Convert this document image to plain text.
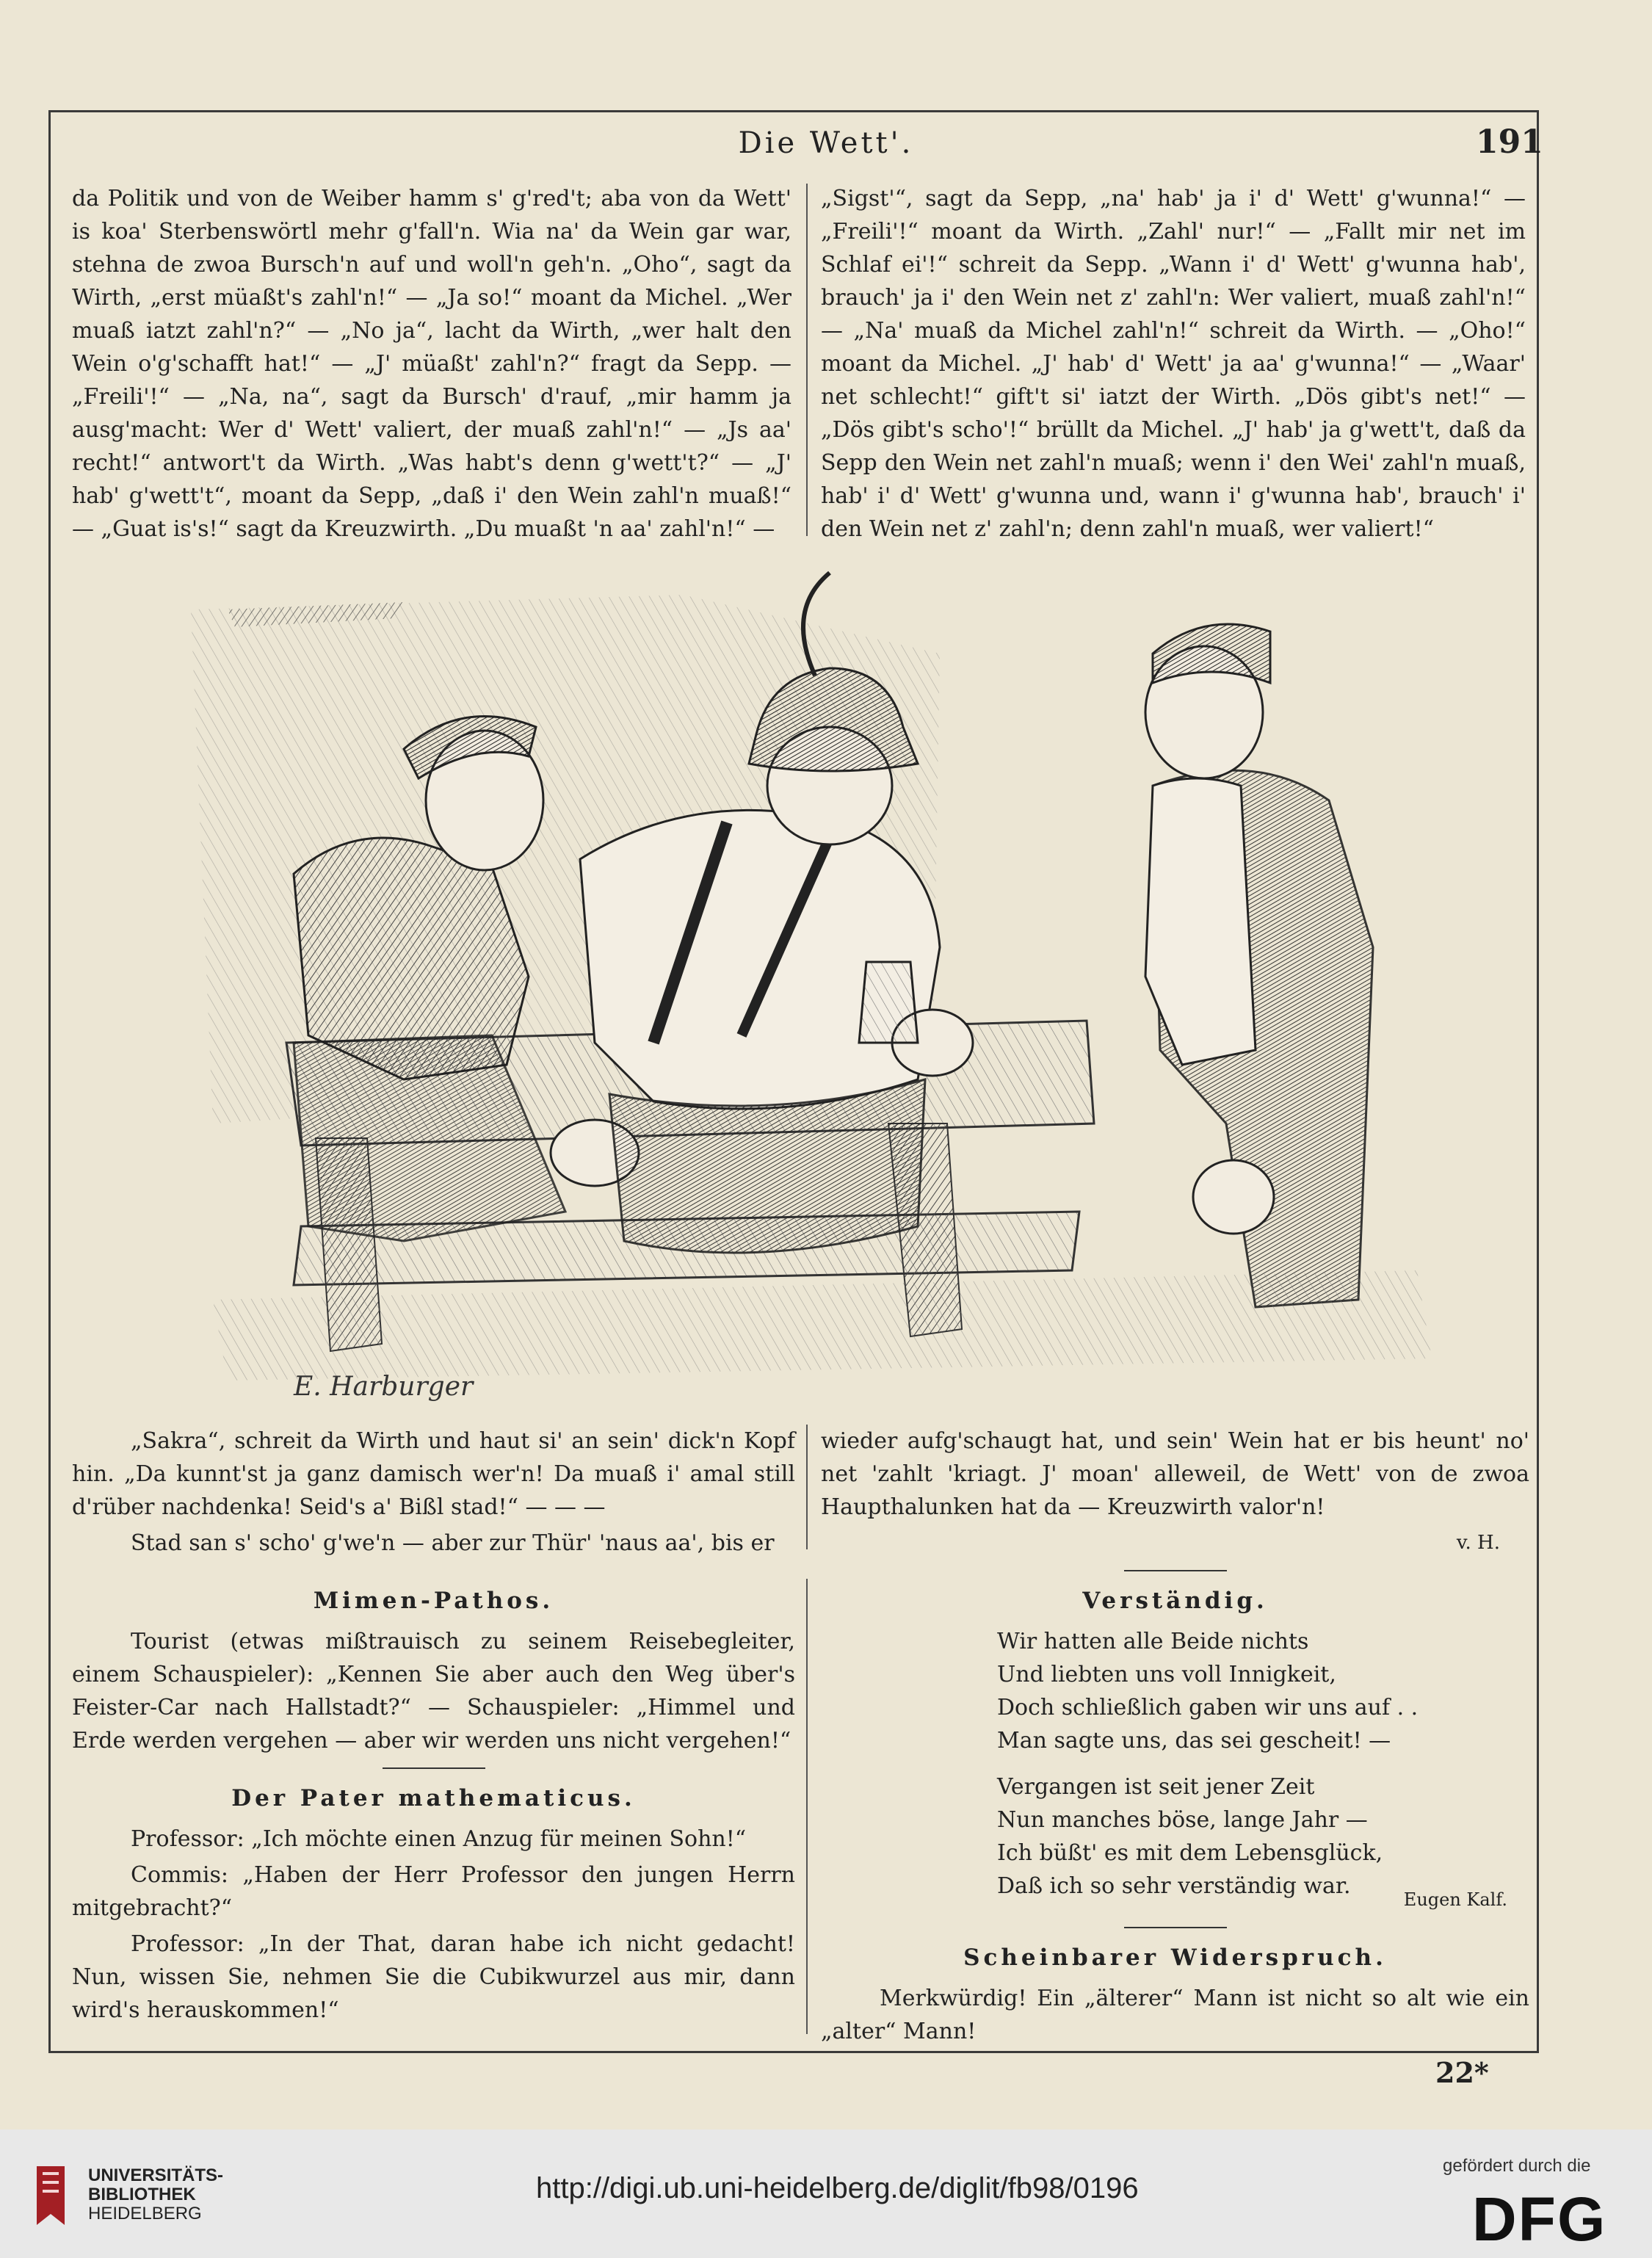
Die Wett'.	191

da Politik und von de Weiber hamm s' g'red't; aba von da Wett' is koa' Sterbenswörtl mehr g'fall'n. Wia na' da Wein gar war, stehna de zwoa Bursch'n auf und woll'n geh'n. „Oho“, sagt da Wirth, „erst müaßt's zahl'n!“ — „Ja so!“ moant da Michel. „Wer muaß iatzt zahl'n?“ — „No ja“, lacht da Wirth, „wer halt den Wein o'g'schafft hat!“ — „J' müaßt' zahl'n?“ fragt da Sepp. — „Freili'!“ — „Na, na“, sagt da Bursch' d'rauf, „mir hamm ja ausg'macht: Wer d' Wett' valiert, der muaß zahl'n!“ — „Js aa' recht!“ antwort't da Wirth. „Was habt's denn g'wett't?“ — „J' hab' g'wett't“, moant da Sepp, „daß i' den Wein zahl'n muaß!“ — „Guat is's!“ sagt da Kreuzwirth. „Du muaßt 'n aa' zahl'n!“ —

„Sigst'“, sagt da Sepp, „na' hab' ja i' d' Wett' g'wunna!“ — „Freili'!“ moant da Wirth. „Zahl' nur!“ — „Fallt mir net im Schlaf ei'!“ schreit da Sepp. „Wann i' d' Wett' g'wunna hab', brauch' ja i' den Wein net z' zahl'n: Wer valiert, muaß zahl'n!“ — „Na' muaß da Michel zahl'n!“ schreit da Wirth. — „Oho!“ moant da Michel. „J' hab' d' Wett' ja aa' g'wunna!“ — „Waar' net schlecht!“ gift't si' iatzt der Wirth. „Dös gibt's net!“ — „Dös gibt's scho'!“ brüllt da Michel. „J' hab' ja g'wett't, daß da Sepp den Wein net zahl'n muaß; wenn i' den Wei' zahl'n muaß, hab' i' d' Wett' g'wunna und, wann i' g'wunna hab', brauch' i' den Wein net z' zahl'n; denn zahl'n muaß, wer valiert!“

E. Harburger

„Sakra“, schreit da Wirth und haut si' an sein' dick'n Kopf hin. „Da kunnt'st ja ganz damisch wer'n! Da muaß i' amal still d'rüber nachdenka! Seid's a' Bißl stad!“ — — —

Stad san s' scho' g'we'n — aber zur Thür' 'naus aa', bis er

wieder aufg'schaugt hat, und sein' Wein hat er bis heunt' no' net 'zahlt 'kriagt. J' moan' alleweil, de Wett' von de zwoa Haupthalunken hat da — Kreuzwirth valor'n!

v. H.
Mimen-Pathos.

Tourist (etwas mißtrauisch zu seinem Reisebegleiter, einem Schauspieler): „Kennen Sie aber auch den Weg über's Feister-Car nach Hallstadt?“ — Schauspieler: „Himmel und Erde werden vergehen — aber wir werden uns nicht vergehen!“

Der Pater mathematicus.

Professor: „Ich möchte einen Anzug für meinen Sohn!“

Commis: „Haben der Herr Professor den jungen Herrn mitgebracht?“

Professor: „In der That, daran habe ich nicht gedacht! Nun, wissen Sie, nehmen Sie die Cubikwurzel aus mir, dann wird's herauskommen!“

Verständig.
Wir hatten alle Beide nichts
Und liebten uns voll Innigkeit,
Doch schließlich gaben wir uns auf . .
Man sagte uns, das sei gescheit! —
Vergangen ist seit jener Zeit
Nun manches böse, lange Jahr —
Ich büßt' es mit dem Lebensglück,
Daß ich so sehr verständig war.
Eugen Kalf.
Scheinbarer Widerspruch.

Merkwürdig! Ein „älterer“ Mann ist nicht so alt wie ein „alter“ Mann!

22*
UNIVERSITÄTS-
BIBLIOTHEK
HEIDELBERG
http://digi.ub.uni-heidelberg.de/diglit/fb98/0196
gefördert durch die
DFG
